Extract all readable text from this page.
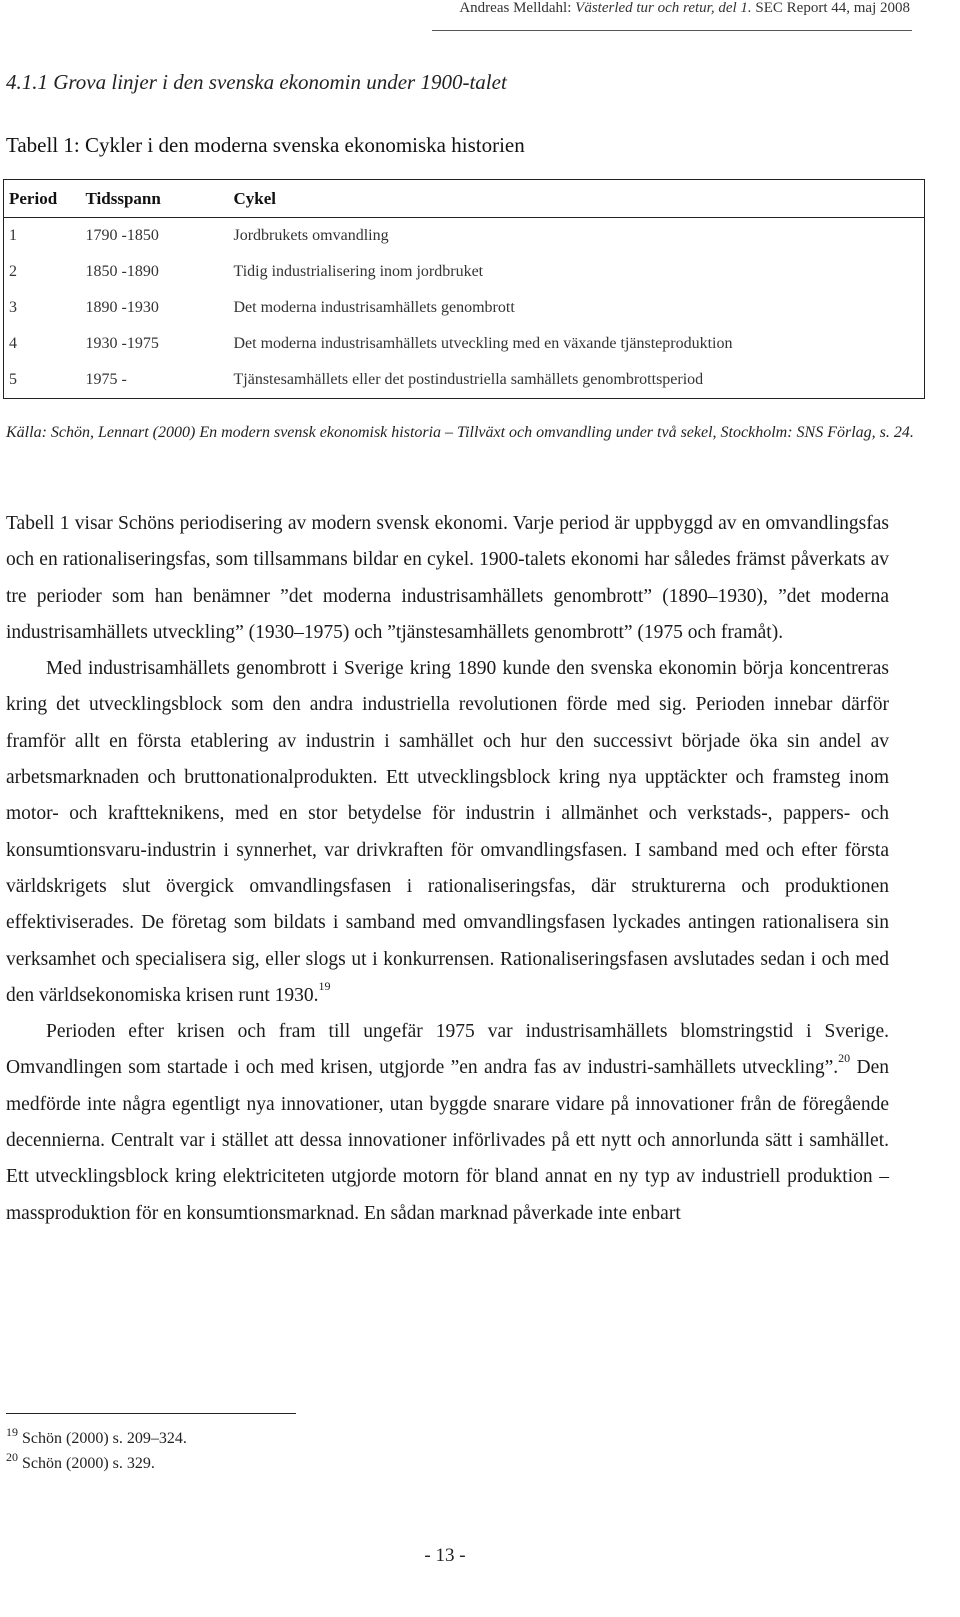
Andreas Melldahl: Västerled tur och retur, del 1. SEC Report 44, maj 2008
4.1.1 Grova linjer i den svenska ekonomin under 1900-talet
Tabell 1: Cykler i den moderna svenska ekonomiska historien
Period	Tidsspann	Cykel
1	1790 -1850	Jordbrukets omvandling
2	1850 -1890	Tidig industrialisering inom jordbruket
3	1890 -1930	Det moderna industrisamhällets genombrott
4	1930 -1975	Det moderna industrisamhällets utveckling med en växande tjänsteproduktion
5	1975 -	Tjänstesamhällets eller det postindustriella samhällets genombrottsperiod
Källa: Schön, Lennart (2000) En modern svensk ekonomisk historia – Tillväxt och omvandling under två sekel, Stockholm: SNS Förlag, s. 24.

Tabell 1 visar Schöns periodisering av modern svensk ekonomi. Varje period är uppbyggd av en omvandlingsfas och en rationaliseringsfas, som tillsammans bildar en cykel. 1900-talets ekonomi har således främst påverkats av tre perioder som han benämner ”det moderna industrisamhällets genombrott” (1890–1930), ”det moderna industrisamhällets utveckling” (1930–1975) och ”tjänstesamhällets genombrott” (1975 och framåt).

Med industrisamhällets genombrott i Sverige kring 1890 kunde den svenska ekonomin börja koncentreras kring det utvecklingsblock som den andra industriella revolutionen förde med sig. Perioden innebar därför framför allt en första etablering av industrin i samhället och hur den successivt började öka sin andel av arbetsmarknaden och bruttonationalprodukten. Ett utvecklingsblock kring nya upptäckter och framsteg inom motor- och kraftteknikens, med en stor betydelse för industrin i allmänhet och verkstads-, pappers- och konsumtionsvaru-industrin i synnerhet, var drivkraften för omvandlingsfasen. I samband med och efter första världskrigets slut övergick omvandlingsfasen i rationaliseringsfas, där strukturerna och produktionen effektiviserades. De företag som bildats i samband med omvandlingsfasen lyckades antingen rationalisera sin verksamhet och specialisera sig, eller slogs ut i konkurrensen. Rationaliseringsfasen avslutades sedan i och med den världsekonomiska krisen runt 1930.19

Perioden efter krisen och fram till ungefär 1975 var industrisamhällets blomstringstid i Sverige. Omvandlingen som startade i och med krisen, utgjorde ”en andra fas av industri-samhällets utveckling”.$^{20}$ Den medförde inte några egentligt nya innovationer, utan byggde snarare vidare på innovationer från de föregående decennierna. Centralt var i stället att dessa innovationer införlivades på ett nytt och annorlunda sätt i samhället. Ett utvecklingsblock kring elektriciteten utgjorde motorn för bland annat en ny typ av industriell produktion – massproduktion för en konsumtionsmarknad. En sådan marknad påverkade inte enbart

$^{19}$ Schön (2000) s. 209–324.
$^{20}$ Schön (2000) s. 329.
- 13 -
